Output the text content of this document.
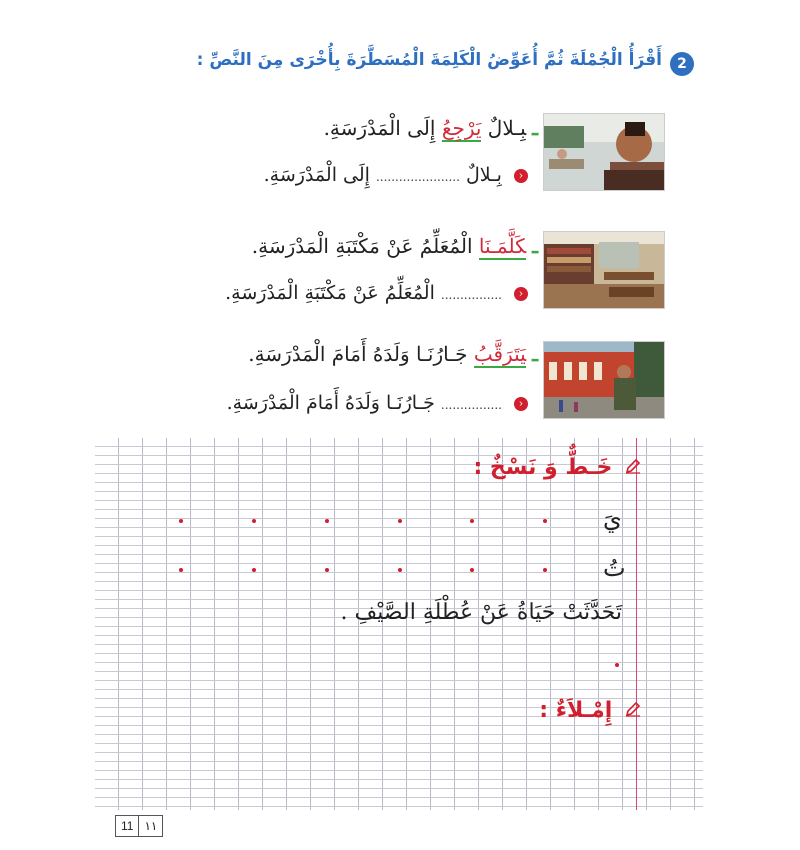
2
أَقْرَأُ الْجُمْلَةَ ثُمَّ أُعَوِّضُ الْكَلِمَةَ الْمُسَطَّرَةَ بِأُخْرَى مِنَ النَّصِّ :
ـبِـلالٌ يَرْجِعُ إِلَى الْمَدْرَسَةِ.
‹ بِـلالٌ ...................... إِلَى الْمَدْرَسَةِ.
ـكَلَّمَـنَا الْمُعَلِّمُ عَنْ مَكْتَبَةِ الْمَدْرَسَةِ.
‹ ................ الْمُعَلِّمُ عَنْ مَكْتَبَةِ الْمَدْرَسَةِ.
ـيَتَرَقَّبُ جَـارُنَـا وَلَدَهُ أَمَامَ الْمَدْرَسَةِ.
‹ ................ جَـارُنَـا وَلَدَهُ أَمَامَ الْمَدْرَسَةِ.
خَـطٌّ وَ نَسْخٌ :
يَ
تُ
تَحَدَّثَتْ حَيَاةُ عَنْ عُطْلَةِ الصَّيْفِ .
إِمْـلاَءٌ :
11 ١١
